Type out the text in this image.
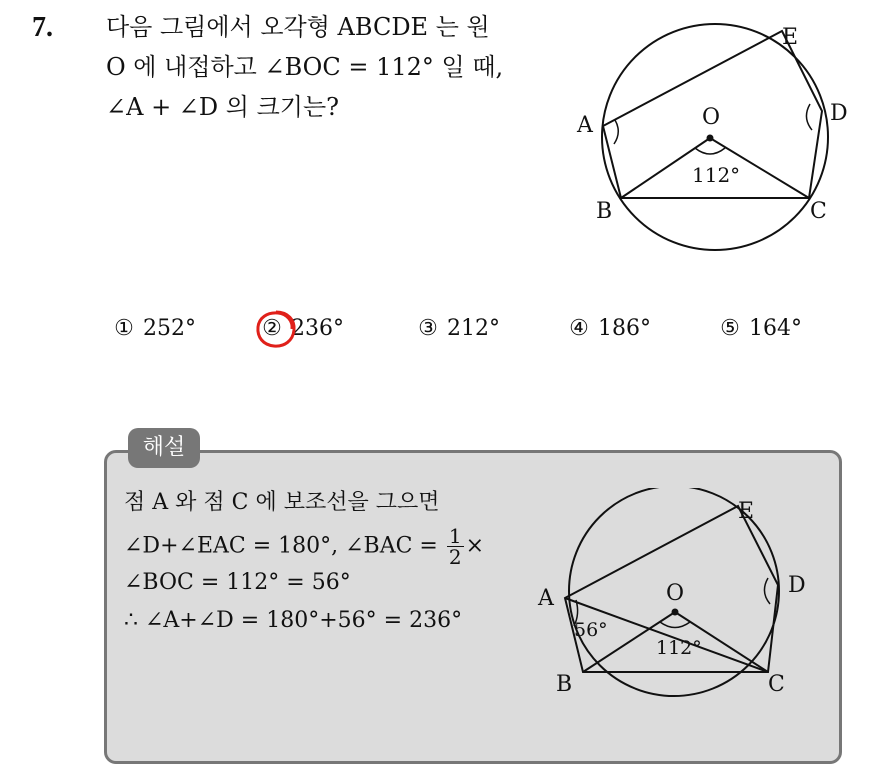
7. 다음 그림에서 오각형 ABCDE 는 원
O 에 내접하고 ∠BOC = 112° 일 때,
∠A + ∠D 의 크기는?
A
B	C
D
E
O
112°
① 252°	② 236°	③ 212°	④ 186°	⑤ 164°
해설
점 A 와 점 C 에 보조선을 그으면
∠D+∠EAC = 180°, ∠BAC = $\frac{1}{2}$ ×
∠BOC = 112° = 56°
∴ ∠A+∠D = 180°+56° = 236°
A
B	C
D
E
O
56°
112°
